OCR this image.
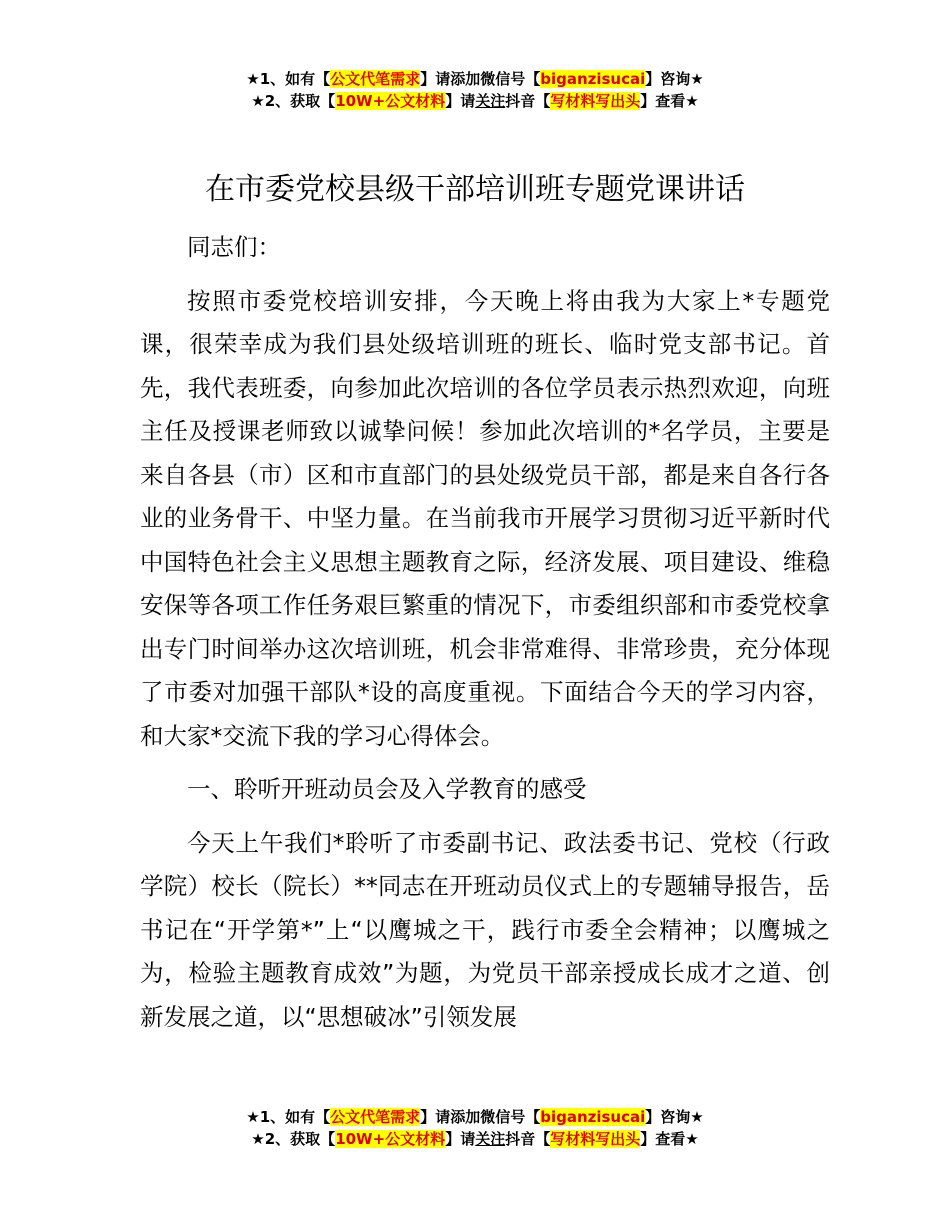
★1、如有【公文代笔需求】请添加微信号【biganzisucai】咨询★
★2、获取【10W+公文材料】请关注抖音【写材料写出头】查看★
在市委党校县级干部培训班专题党课讲话

同志们：

按照市委党校培训安排，今天晚上将由我为大家上*专题党课，很荣幸成为我们县处级培训班的班长、临时党支部书记。首先，我代表班委，向参加此次培训的各位学员表示热烈欢迎，向班主任及授课老师致以诚挚问候！参加此次培训的*名学员，主要是来自各县（市）区和市直部门的县处级党员干部，都是来自各行各业的业务骨干、中坚力量。在当前我市开展学习贯彻习近平新时代中国特色社会主义思想主题教育之际，经济发展、项目建设、维稳安保等各项工作任务艰巨繁重的情况下，市委组织部和市委党校拿出专门时间举办这次培训班，机会非常难得、非常珍贵，充分体现了市委对加强干部队*设的高度重视。下面结合今天的学习内容，和大家*交流下我的学习心得体会。

一、聆听开班动员会及入学教育的感受

今天上午我们*聆听了市委副书记、政法委书记、党校（行政学院）校长（院长）**同志在开班动员仪式上的专题辅导报告，岳书记在“开学第*”上“以鹰城之干，践行市委全会精神；以鹰城之为，检验主题教育成效”为题，为党员干部亲授成长成才之道、创新发展之道，以“思想破冰”引领发展

★1、如有【公文代笔需求】请添加微信号【biganzisucai】咨询★
★2、获取【10W+公文材料】请关注抖音【写材料写出头】查看★
